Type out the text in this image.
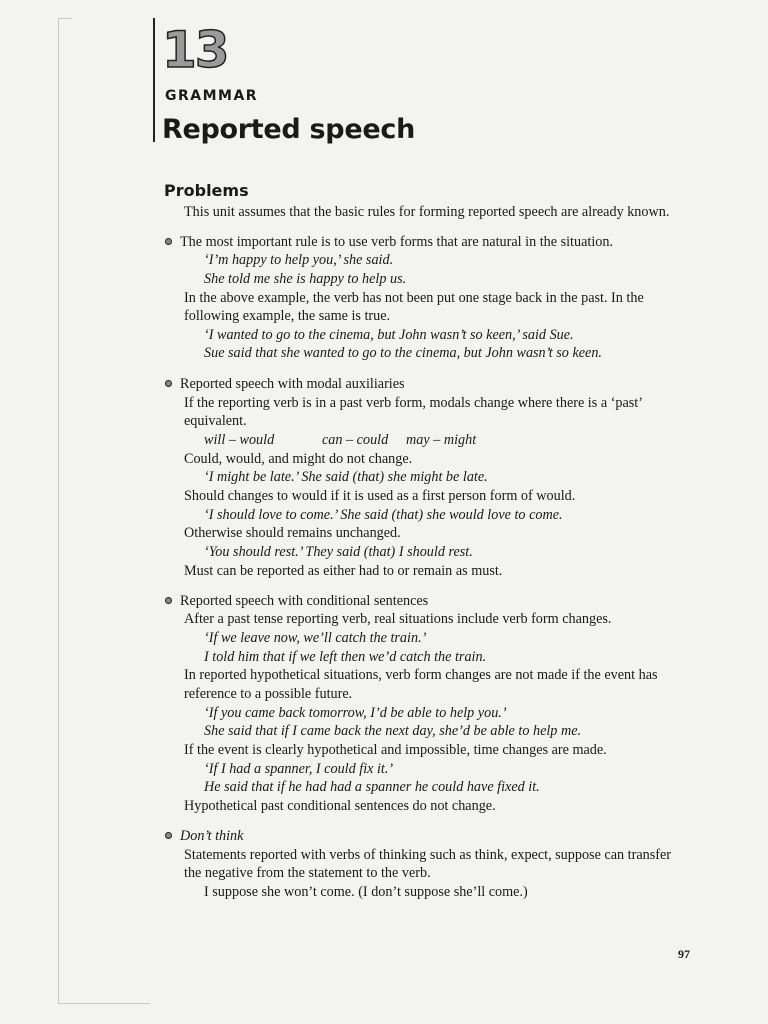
13
GRAMMAR
Reported speech
Problems
This unit assumes that the basic rules for forming reported speech are already known.
The most important rule is to use verb forms that are natural in the situation.
‘I’m happy to help you,’ she said.
She told me she is happy to help us.
In the above example, the verb has not been put one stage back in the past. In the
following example, the same is true.
‘I wanted to go to the cinema, but John wasn’t so keen,’ said Sue.
Sue said that she wanted to go to the cinema, but John wasn’t so keen.
Reported speech with modal auxiliaries
If the reporting verb is in a past verb form, modals change where there is a ‘past’
equivalent.
will – would	can – could may – might
Could, would, and might do not change.
‘I might be late.’ She said (that) she might be late.
Should changes to would if it is used as a first person form of would.
‘I should love to come.’ She said (that) she would love to come.
Otherwise should remains unchanged.
‘You should rest.’ They said (that) I should rest.
Must can be reported as either had to or remain as must.
Reported speech with conditional sentences
After a past tense reporting verb, real situations include verb form changes.
‘If we leave now, we’ll catch the train.’
I told him that if we left then we’d catch the train.
In reported hypothetical situations, verb form changes are not made if the event has
reference to a possible future.
‘If you came back tomorrow, I’d be able to help you.’
She said that if I came back the next day, she’d be able to help me.
If the event is clearly hypothetical and impossible, time changes are made.
‘If I had a spanner, I could fix it.’
He said that if he had had a spanner he could have fixed it.
Hypothetical past conditional sentences do not change.
Don’t think
Statements reported with verbs of thinking such as think, expect, suppose can transfer
the negative from the statement to the verb.
I suppose she won’t come. (I don’t suppose she’ll come.)
97
